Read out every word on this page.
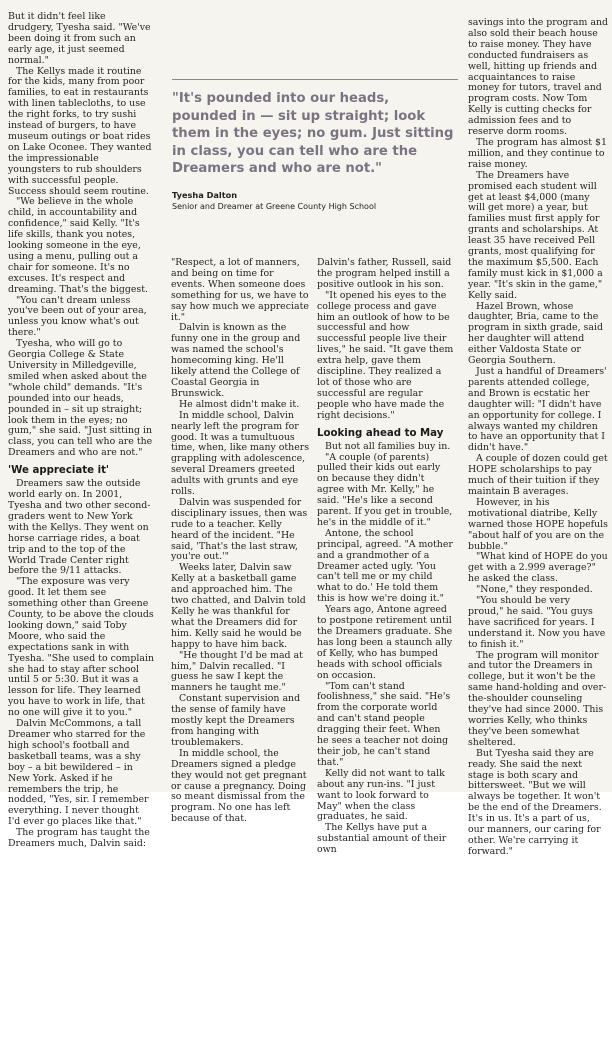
But it didn't feel like drudgery, Tyesha said. "We've been doing it from such an early age, it just seemed normal."

The Kellys made it routine for the kids, many from poor families, to eat in restaurants with linen tablecloths, to use the right forks, to try sushi instead of burgers, to have museum outings or boat rides on Lake Oconee. They wanted the impressionable youngsters to rub shoulders with successful people. Success should seem routine.

"We believe in the whole child, in accountability and confidence," said Kelly. "It's life skills, thank you notes, looking someone in the eye, using a menu, pulling out a chair for someone. It's no excuses. It's respect and dreaming. That's the biggest.

"You can't dream unless you've been out of your area, unless you know what's out there."

Tyesha, who will go to Georgia College & State University in Milledgeville, smiled when asked about the "whole child" demands. "It's pounded into our heads, pounded in – sit up straight; look them in the eyes; no gum," she said. "Just sitting in class, you can tell who are the Dreamers and who are not."

'We appreciate it'

Dreamers saw the outside world early on. In 2001, Tyesha and two other second-graders went to New York with the Kellys. They went on horse carriage rides, a boat trip and to the top of the World Trade Center right before the 9/11 attacks.

"The exposure was very good. It let them see something other than Greene County, to be above the clouds looking down," said Toby Moore, who said the expectations sank in with Tyesha. "She used to complain she had to stay after school until 5 or 5:30. But it was a lesson for life. They learned you have to work in life, that no one will give it to you."

Dalvin McCommons, a tall Dreamer who starred for the high school's football and basketball teams, was a shy boy – a bit bewildered – in New York. Asked if he remembers the trip, he nodded, "Yes, sir. I remember everything. I never thought I'd ever go places like that."

The program has taught the Dreamers much, Dalvin said:

"It's pounded into our heads, pounded in — sit up straight; look them in the eyes; no gum. Just sitting in class, you can tell who are the Dreamers and who are not."

Tyesha Dalton
Senior and Dreamer at Greene County High School

"Respect, a lot of manners, and being on time for events. When someone does something for us, we have to say how much we appreciate it."

Dalvin is known as the funny one in the group and was named the school's homecoming king. He'll likely attend the College of Coastal Georgia in Brunswick.

He almost didn't make it.

In middle school, Dalvin nearly left the program for good. It was a tumultuous time, when, like many others grappling with adolescence, several Dreamers greeted adults with grunts and eye rolls.

Dalvin was suspended for disciplinary issues, then was rude to a teacher. Kelly heard of the incident. "He said, 'That's the last straw, you're out.'"

Weeks later, Dalvin saw Kelly at a basketball game and approached him. The two chatted, and Dalvin told Kelly he was thankful for what the Dreamers did for him. Kelly said he would be happy to have him back.

"He thought I'd be mad at him," Dalvin recalled. "I guess he saw I kept the manners he taught me."

Constant supervision and the sense of family have mostly kept the Dreamers from hanging with troublemakers.

In middle school, the Dreamers signed a pledge they would not get pregnant or cause a pregnancy. Doing so meant dismissal from the program. No one has left because of that.

Dalvin's father, Russell, said the program helped instill a positive outlook in his son.

"It opened his eyes to the college process and gave him an outlook of how to be successful and how successful people live their lives," he said. "It gave them extra help, gave them discipline. They realized a lot of those who are successful are regular people who have made the right decisions."

Looking ahead to May

But not all families buy in.

"A couple (of parents) pulled their kids out early on because they didn't agree with Mr. Kelly," he said. "He's like a second parent. If you get in trouble, he's in the middle of it."

Antone, the school principal, agreed. "A mother and a grandmother of a Dreamer acted ugly. 'You can't tell me or my child what to do.' He told them this is how we're doing it."

Years ago, Antone agreed to postpone retirement until the Dreamers graduate. She has long been a staunch ally of Kelly, who has bumped heads with school officials on occasion.

"Tom can't stand foolishness," she said. "He's from the corporate world and can't stand people dragging their feet. When he sees a teacher not doing their job, he can't stand that."

Kelly did not want to talk about any run-ins. "I just want to look forward to May" when the class graduates, he said.

The Kellys have put a substantial amount of their own

savings into the program and also sold their beach house to raise money. They have conducted fundraisers as well, hitting up friends and acquaintances to raise money for tutors, travel and program costs. Now Tom Kelly is cutting checks for admission fees and to reserve dorm rooms.

The program has almost $1 million, and they continue to raise money.

The Dreamers have promised each student will get at least $4,000 (many will get more) a year, but families must first apply for grants and scholarships. At least 35 have received Pell grants, most qualifying for the maximum $5,500. Each family must kick in $1,000 a year. "It's skin in the game," Kelly said.

Hazel Brown, whose daughter, Bria, came to the program in sixth grade, said her daughter will attend either Valdosta State or Georgia Southern.

Just a handful of Dreamers' parents attended college, and Brown is ecstatic her daughter will: "I didn't have an opportunity for college. I always wanted my children to have an opportunity that I didn't have."

A couple of dozen could get HOPE scholarships to pay much of their tuition if they maintain B averages.

However, in his motivational diatribe, Kelly warned those HOPE hopefuls "about half of you are on the bubble."

"What kind of HOPE do you get with a 2.999 average?" he asked the class.

"None," they responded.

"You should be very proud," he said. "You guys have sacrificed for years. I understand it. Now you have to finish it."

The program will monitor and tutor the Dreamers in college, but it won't be the same hand-holding and over-the-shoulder counseling they've had since 2000. This worries Kelly, who thinks they've been somewhat sheltered.

But Tyesha said they are ready. She said the next stage is both scary and bittersweet. "But we will always be together. It won't be the end of the Dreamers. It's in us. It's a part of us, our manners, our caring for other. We're carrying it forward."
